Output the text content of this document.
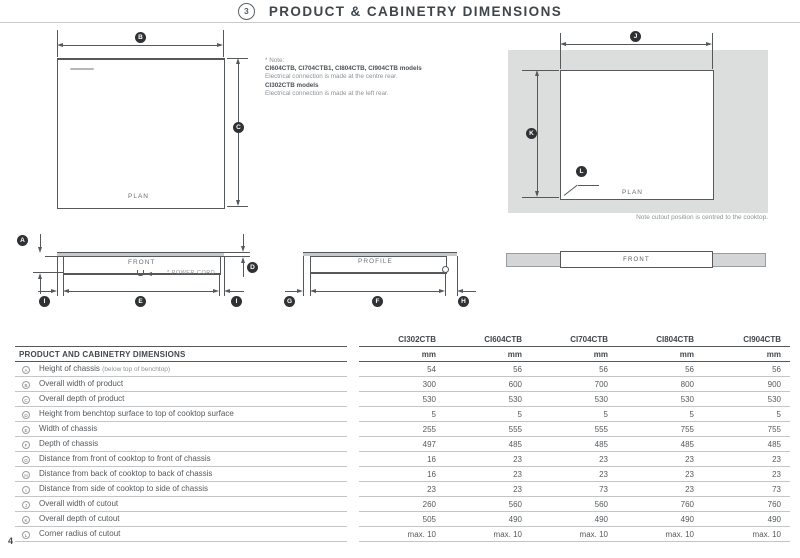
3	PRODUCT & CABINETRY DIMENSIONS
B
C
PLAN
* Note:
CI604CTB, CI704CTB1, CI804CTB, CI904CTB models
Electrical connection is made at the centre rear.
CI302CTB models
Electrical connection is made at the left rear.
J
K
L
PLAN
Note cutout position is centred to the cooktop.
FRONT
* POWER CORD
A
D
E
I	I
PROFILE
F
G	H
FRONT
		CI302CTB	CI604CTB	CI704CTB	CI804CTB	CI904CTB
PRODUCT AND CABINETRY DIMENSIONS		mm	mm	mm	mm	mm
A Height of chassis (below top of benchtop)		54	56	56	56	56
B Overall width of product		300	600	700	800	900
C Overall depth of product		530	530	530	530	530
D Height from benchtop surface to top of cooktop surface		5	5	5	5	5
E Width of chassis		255	555	555	755	755
F Depth of chassis		497	485	485	485	485
G Distance from front of cooktop to front of chassis		16	23	23	23	23
H Distance from back of cooktop to back of chassis		16	23	23	23	23
I Distance from side of cooktop to side of chassis		23	23	73	23	73
J Overall width of cutout		260	560	560	760	760
K Overall depth of cutout		505	490	490	490	490
L Corner radius of cutout		max. 10	max. 10	max. 10	max. 10	max. 10
4
